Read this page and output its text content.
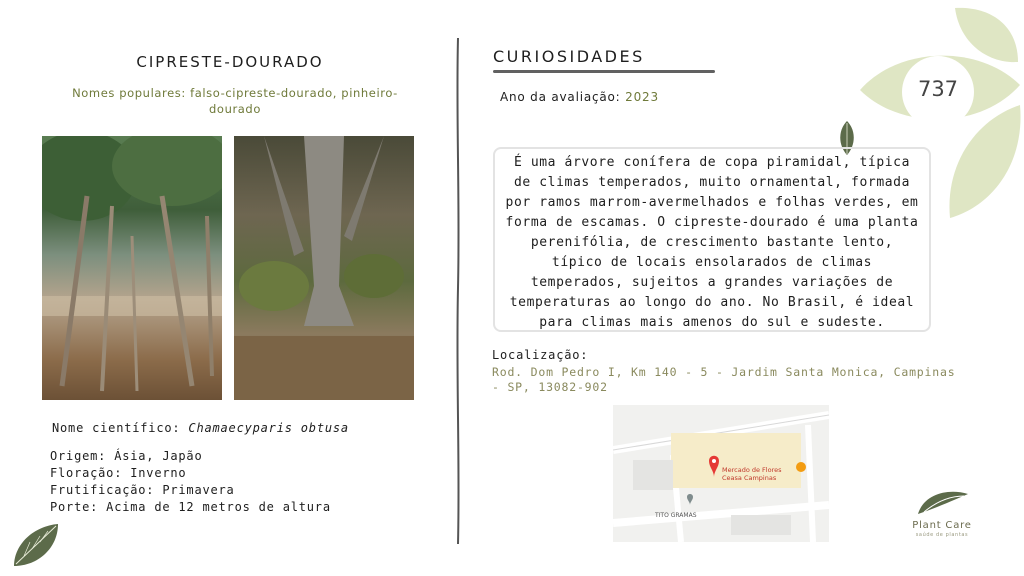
737
CIPRESTE-DOURADO
Nomes populares: falso-cipreste-dourado, pinheiro-dourado
Nome científico: Chamaecyparis obtusa
Origem: Ásia, Japão
Floração: Inverno
Frutificação: Primavera
Porte: Acima de 12 metros de altura
CURIOSIDADES
Ano da avaliação: 2023
É uma árvore conífera de copa piramidal, típica de climas temperados, muito ornamental, formada por ramos marrom-avermelhados e folhas verdes, em forma de escamas. O cipreste-dourado é uma planta perenifólia, de crescimento bastante lento, típico de locais ensolarados de climas temperados, sujeitos a grandes variações de temperaturas ao longo do ano. No Brasil, é ideal para climas mais amenos do sul e sudeste.
Localização:
Rod. Dom Pedro I, Km 140 - 5 - Jardim Santa Monica, Campinas - SP, 13082-902
Mercado de Flores
Ceasa Campinas
TITO GRAMAS
Plant Care
saúde de plantas
